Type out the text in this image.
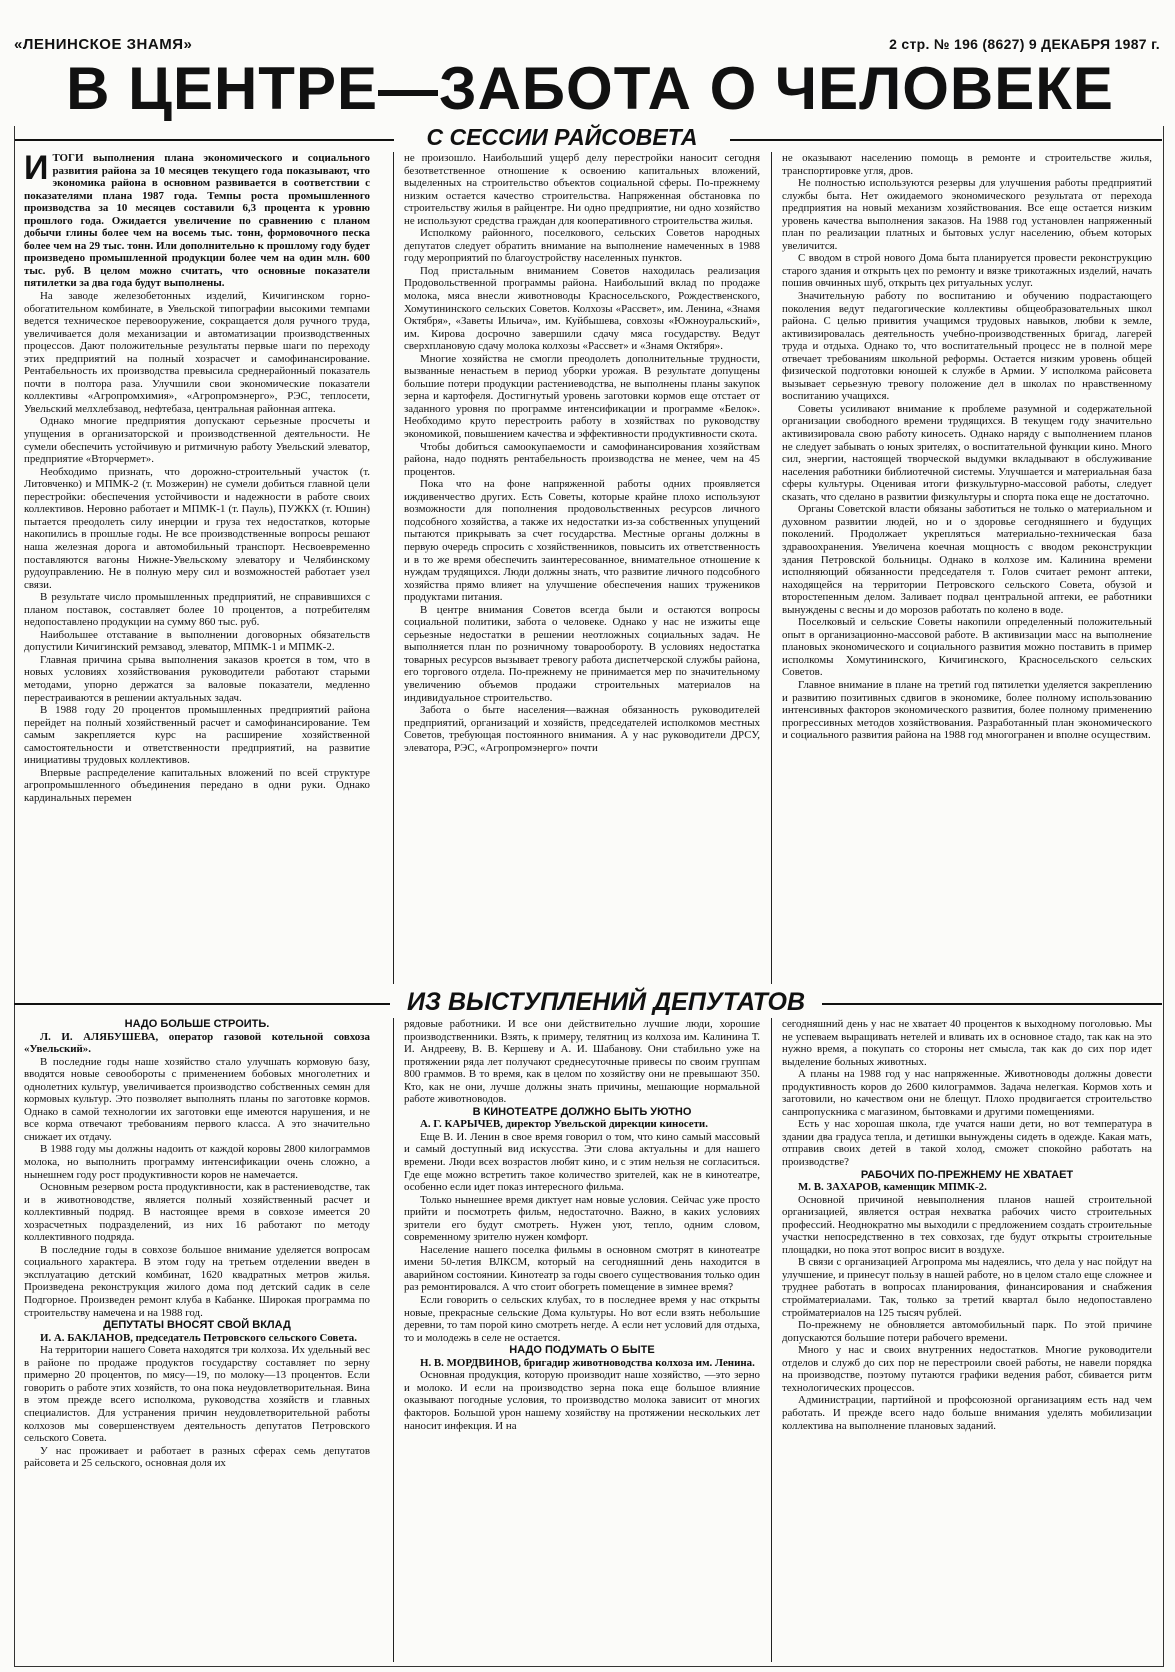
«ЛЕНИНСКОЕ ЗНАМЯ»	2 стр. № 196 (8627) 9 ДЕКАБРЯ 1987 г.
В ЦЕНТРЕ—ЗАБОТА О ЧЕЛОВЕКЕ
С СЕССИИ РАЙСОВЕТА

ИТОГИ выполнения плана экономического и социального развития района за 10 месяцев текущего года показывают, что экономика района в основном развивается в соответствии с показателями плана 1987 года. Темпы роста промышленного производства за 10 месяцев составили 6,3 процента к уровню прошлого года. Ожидается увеличение по сравнению с планом добычи глины более чем на восемь тыс. тонн, формовочного песка более чем на 29 тыс. тонн. Или дополнительно к прошлому году будет произведено промышленной продукции более чем на один млн. 600 тыс. руб. В целом можно считать, что основные показатели пятилетки за два года будут выполнены.

На заводе железобетонных изделий, Кичигинском горно-обогатительном комбинате, в Увельской типографии высокими темпами ведется техническое перевооружение, сокращается доля ручного труда, увеличивается доля механизации и автоматизации производственных процессов. Дают положительные результаты первые шаги по переходу этих предприятий на полный хозрасчет и самофинансирование. Рентабельность их производства превысила среднерайонный показатель почти в полтора раза. Улучшили свои экономические показатели коллективы «Агропромхимия», «Агропромэнерго», РЭС, теплосети, Увельский мелхлебзавод, нефтебаза, центральная районная аптека.

Однако многие предприятия допускают серьезные просчеты и упущения в организаторской и производственной деятельности. Не сумели обеспечить устойчивую и ритмичную работу Увельский элеватор, предприятие «Вторчермет».

Необходимо признать, что дорожно-строительный участок (т. Литовченко) и МПМК-2 (т. Мозжерин) не сумели добиться главной цели перестройки: обеспечения устойчивости и надежности в работе своих коллективов. Неровно работает и МПМК-1 (т. Пауль), ПУЖКХ (т. Юшин) пытается преодолеть силу инерции и груза тех недостатков, которые накопились в прошлые годы. Не все производственные вопросы решают наша железная дорога и автомобильный транспорт. Несвоевременно поставляются вагоны Нижне-Увельскому элеватору и Челябинскому рудоуправлению. Не в полную меру сил и возможностей работает узел связи.

В результате число промышленных предприятий, не справившихся с планом поставок, составляет более 10 процентов, а потребителям недопоставлено продукции на сумму 860 тыс. руб.

Наибольшее отставание в выполнении договорных обязательств допустили Кичигинский ремзавод, элеватор, МПМК-1 и МПМК-2.

Главная причина срыва выполнения заказов кроется в том, что в новых условиях хозяйствования руководители работают старыми методами, упорно держатся за валовые показатели, медленно перестраиваются в решении актуальных задач.

В 1988 году 20 процентов промышленных предприятий района перейдет на полный хозяйственный расчет и самофинансирование. Тем самым закрепляется курс на расширение хозяйственной самостоятельности и ответственности предприятий, на развитие инициативы трудовых коллективов.

Впервые распределение капитальных вложений по всей структуре агропромышленного объединения передано в одни руки. Однако кардинальных перемен

не произошло. Наибольший ущерб делу перестройки наносит сегодня безответственное отношение к освоению капитальных вложений, выделенных на строительство объектов социальной сферы. По-прежнему низким остается качество строительства. Напряженная обстановка по строительству жилья в райцентре. Ни одно предприятие, ни одно хозяйство не используют средства граждан для кооперативного строительства жилья.

Исполкому районного, поселкового, сельских Советов народных депутатов следует обратить внимание на выполнение намеченных в 1988 году мероприятий по благоустройству населенных пунктов.

Под пристальным вниманием Советов находилась реализация Продовольственной программы района. Наибольший вклад по продаже молока, мяса внесли животноводы Красносельского, Рождественского, Хомутининского сельских Советов. Колхозы «Рассвет», им. Ленина, «Знамя Октября», «Заветы Ильича», им. Куйбышева, совхозы «Южноуральский», им. Кирова досрочно завершили сдачу мяса государству. Ведут сверхплановую сдачу молока колхозы «Рассвет» и «Знамя Октября».

Многие хозяйства не смогли преодолеть дополнительные трудности, вызванные ненастьем в период уборки урожая. В результате допущены большие потери продукции растениеводства, не выполнены планы закупок зерна и картофеля. Достигнутый уровень заготовки кормов еще отстает от заданного уровня по программе интенсификации и программе «Белок». Необходимо круто перестроить работу в хозяйствах по руководству экономикой, повышением качества и эффективности продуктивности скота.

Чтобы добиться самоокупаемости и самофинансирования хозяйствам района, надо поднять рентабельность производства не менее, чем на 45 процентов.

Пока что на фоне напряженной работы одних проявляется иждивенчество других. Есть Советы, которые крайне плохо используют возможности для пополнения продовольственных ресурсов личного подсобного хозяйства, а также их недостатки из-за собственных упущений пытаются прикрывать за счет государства. Местные органы должны в первую очередь спросить с хозяйственников, повысить их ответственность и в то же время обеспечить заинтересованное, внимательное отношение к нуждам трудящихся. Люди должны знать, что развитие личного подсобного хозяйства прямо влияет на улучшение обеспечения наших тружеников продуктами питания.

В центре внимания Советов всегда были и остаются вопросы социальной политики, забота о человеке. Однако у нас не изжиты еще серьезные недостатки в решении неотложных социальных задач. Не выполняется план по розничному товарообороту. В условиях недостатка товарных ресурсов вызывает тревогу работа диспетчерской службы района, его торгового отдела. По-прежнему не принимается мер по значительному увеличению объемов продажи строительных материалов на индивидуальное строительство.

Забота о быте населения—важная обязанность руководителей предприятий, организаций и хозяйств, председателей исполкомов местных Советов, требующая постоянного внимания. А у нас руководители ДРСУ, элеватора, РЭС, «Агропромэнерго» почти

не оказывают населению помощь в ремонте и строительстве жилья, транспортировке угля, дров.

Не полностью используются резервы для улучшения работы предприятий службы быта. Нет ожидаемого экономического результата от перехода предприятия на новый механизм хозяйствования. Все еще остается низким уровень качества выполнения заказов. На 1988 год установлен напряженный план по реализации платных и бытовых услуг населению, объем которых увеличится.

С вводом в строй нового Дома быта планируется провести реконструкцию старого здания и открыть цех по ремонту и вязке трикотажных изделий, начать пошив овчинных шуб, открыть цех ритуальных услуг.

Значительную работу по воспитанию и обучению подрастающего поколения ведут педагогические коллективы общеобразовательных школ района. С целью привития учащимся трудовых навыков, любви к земле, активизировалась деятельность учебно-производственных бригад, лагерей труда и отдыха. Однако то, что воспитательный процесс не в полной мере отвечает требованиям школьной реформы. Остается низким уровень общей физической подготовки юношей к службе в Армии. У исполкома райсовета вызывает серьезную тревогу положение дел в школах по нравственному воспитанию учащихся.

Советы усиливают внимание к проблеме разумной и содержательной организации свободного времени трудящихся. В текущем году значительно активизировала свою работу киносеть. Однако наряду с выполнением планов не следует забывать о юных зрителях, о воспитательной функции кино. Много сил, энергии, настоящей творческой выдумки вкладывают в обслуживание населения работники библиотечной системы. Улучшается и материальная база сферы культуры. Оценивая итоги физкультурно-массовой работы, следует сказать, что сделано в развитии физкультуры и спорта пока еще не достаточно.

Органы Советской власти обязаны заботиться не только о материальном и духовном развитии людей, но и о здоровье сегодняшнего и будущих поколений. Продолжает укрепляться материально-техническая база здравоохранения. Увеличена коечная мощность с вводом реконструкции здания Петровской больницы. Однако в колхозе им. Калинина времени исполняющий обязанности председателя т. Голов считает ремонт аптеки, находящейся на территории Петровского сельского Совета, обузой и второстепенным делом. Заливает подвал центральной аптеки, ее работники вынуждены с весны и до морозов работать по колено в воде.

Поселковый и сельские Советы накопили определенный положительный опыт в организационно-массовой работе. В активизации масс на выполнение плановых экономического и социального развития можно поставить в пример исполкомы Хомутининского, Кичигинского, Красносельского сельских Советов.

Главное внимание в плане на третий год пятилетки уделяется закреплению и развитию позитивных сдвигов в экономике, более полному использованию интенсивных факторов экономического развития, более полному применению прогрессивных методов хозяйствования. Разработанный план экономического и социального развития района на 1988 год многогранен и вполне осуществим.

ИЗ ВЫСТУПЛЕНИЙ ДЕПУТАТОВ

НАДО БОЛЬШЕ СТРОИТЬ.

Л. И. АЛЯБУШЕВА, оператор газовой котельной совхоза «Увельский».

В последние годы наше хозяйство стало улучшать кормовую базу, вводятся новые севообороты с применением бобовых многолетних и однолетних культур, увеличивается производство собственных семян для кормовых культур. Это позволяет выполнять планы по заготовке кормов. Однако в самой технологии их заготовки еще имеются нарушения, и не все корма отвечают требованиям первого класса. А это значительно снижает их отдачу.

В 1988 году мы должны надоить от каждой коровы 2800 килограммов молока, но выполнить программу интенсификации очень сложно, а нынешнем году рост продуктивности коров не намечается.

Основным резервом роста продуктивности, как в растениеводстве, так и в животноводстве, является полный хозяйственный расчет и коллективный подряд. В настоящее время в совхозе имеется 20 хозрасчетных подразделений, из них 16 работают по методу коллективного подряда.

В последние годы в совхозе большое внимание уделяется вопросам социального характера. В этом году на третьем отделении введен в эксплуатацию детский комбинат, 1620 квадратных метров жилья. Произведена реконструкция жилого дома под детский садик в селе Подгорное. Произведен ремонт клуба в Кабанке. Широкая программа по строительству намечена и на 1988 год.

ДЕПУТАТЫ ВНОСЯТ СВОЙ ВКЛАД

И. А. БАКЛАНОВ, председатель Петровского сельского Совета.

На территории нашего Совета находятся три колхоза. Их удельный вес в районе по продаже продуктов государству составляет по зерну примерно 20 процентов, по мясу—19, по молоку—13 процентов. Если говорить о работе этих хозяйств, то она пока неудовлетворительная. Вина в этом прежде всего исполкома, руководства хозяйств и главных специалистов. Для устранения причин неудовлетворительной работы колхозов мы совершенствуем деятельность депутатов Петровского сельского Совета.

У нас проживает и работает в разных сферах семь депутатов райсовета и 25 сельского, основная доля их

рядовые работники. И все они действительно лучшие люди, хорошие производственники. Взять, к примеру, телятниц из колхоза им. Калинина Т. И. Андрееву, В. В. Кершеву и А. И. Шабанову. Они стабильно уже на протяжении ряда лет получают среднесуточные привесы по своим группам 800 граммов. В то время, как в целом по хозяйству они не превышают 350. Кто, как не они, лучше должны знать причины, мешающие нормальной работе животноводов.

В КИНОТЕАТРЕ ДОЛЖНО БЫТЬ УЮТНО

А. Г. КАРЫЧЕВ, директор Увельской дирекции киносети.

Еще В. И. Ленин в свое время говорил о том, что кино самый массовый и самый доступный вид искусства. Эти слова актуальны и для нашего времени. Люди всех возрастов любят кино, и с этим нельзя не согласиться. Где еще можно встретить такое количество зрителей, как не в кинотеатре, особенно если идет показ интересного фильма.

Только нынешнее время диктует нам новые условия. Сейчас уже просто прийти и посмотреть фильм, недостаточно. Важно, в каких условиях зрители его будут смотреть. Нужен уют, тепло, одним словом, современному зрителю нужен комфорт.

Население нашего поселка фильмы в основном смотрят в кинотеатре имени 50-летия ВЛКСМ, который на сегодняшний день находится в аварийном состоянии. Кинотеатр за годы своего существования только один раз ремонтировался. А что стоит обогреть помещение в зимнее время?

Если говорить о сельских клубах, то в последнее время у нас открыты новые, прекрасные сельские Дома культуры. Но вот если взять небольшие деревни, то там порой кино смотреть негде. А если нет условий для отдыха, то и молодежь в селе не остается.

НАДО ПОДУМАТЬ О БЫТЕ

Н. В. МОРДВИНОВ, бригадир животноводства колхоза им. Ленина.

Основная продукция, которую производит наше хозяйство, —это зерно и молоко. И если на производство зерна пока еще большое влияние оказывают погодные условия, то производство молока зависит от многих факторов. Большой урон нашему хозяйству на протяжении нескольких лет наносит инфекция. И на

сегодняшний день у нас не хватает 40 процентов к выходному поголовью. Мы не успеваем выращивать нетелей и вливать их в основное стадо, так как на это нужно время, а покупать со стороны нет смысла, так как до сих пор идет выделение больных животных.

А планы на 1988 год у нас напряженные. Животноводы должны довести продуктивность коров до 2600 килограммов. Задача нелегкая. Кормов хоть и заготовили, но качеством они не блещут. Плохо продвигается строительство санпропускника с магазином, бытовками и другими помещениями.

Есть у нас хорошая школа, где учатся наши дети, но вот температура в здании два градуса тепла, и детишки вынуждены сидеть в одежде. Какая мать, отправив своих детей в такой холод, сможет спокойно работать на производстве?

РАБОЧИХ ПО-ПРЕЖНЕМУ НЕ ХВАТАЕТ

М. В. ЗАХАРОВ, каменщик МПМК-2.

Основной причиной невыполнения планов нашей строительной организацией, является острая нехватка рабочих чисто строительных профессий. Неоднократно мы выходили с предложением создать строительные участки непосредственно в тех совхозах, где будут открыты строительные площадки, но пока этот вопрос висит в воздухе.

В связи с организацией Агропрома мы надеялись, что дела у нас пойдут на улучшение, и принесут пользу в нашей работе, но в целом стало еще сложнее и труднее работать в вопросах планирования, финансирования и снабжения стройматериалами. Так, только за третий квартал было недопоставлено стройматериалов на 125 тысяч рублей.

По-прежнему не обновляется автомобильный парк. По этой причине допускаются большие потери рабочего времени.

Много у нас и своих внутренних недостатков. Многие руководители отделов и служб до сих пор не перестроили своей работы, не навели порядка на производстве, поэтому путаются графики ведения работ, сбивается ритм технологических процессов.

Администрации, партийной и профсоюзной организациям есть над чем работать. И прежде всего надо больше внимания уделять мобилизации коллектива на выполнение плановых заданий.
